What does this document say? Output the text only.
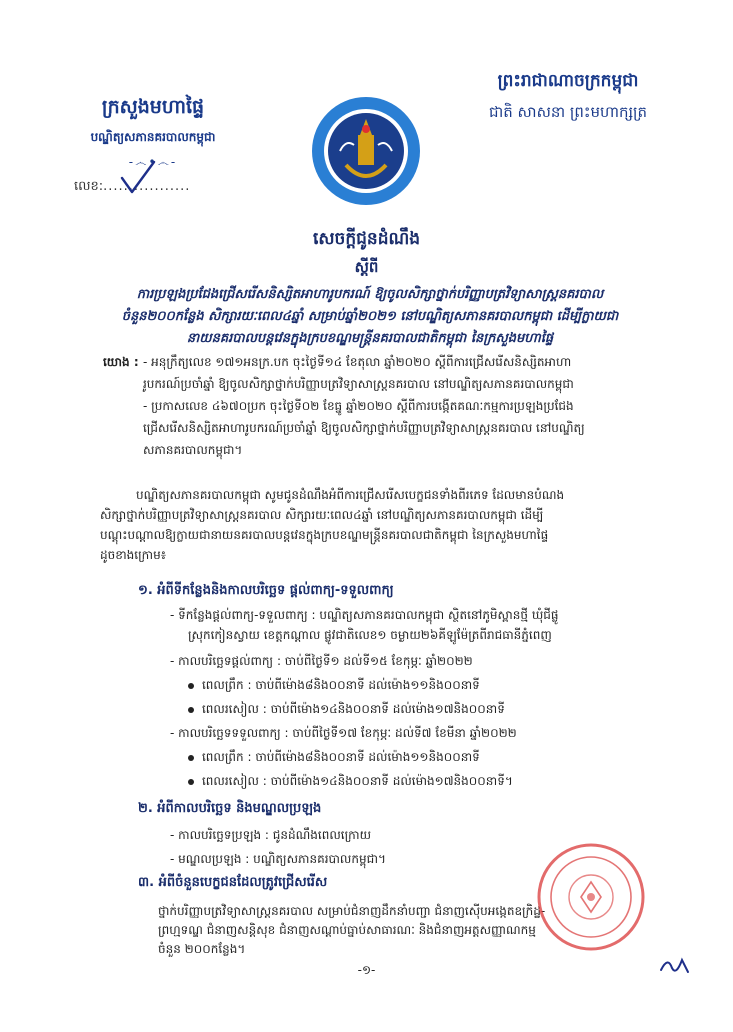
ក្រសួងមហាផ្ទៃ
បណ្ឌិត្យសភានគរបាលកម្ពុជា
-෴•෴-
លេខ:.................
ព្រះរាជាណាចក្រកម្ពុជា
ជាតិ សាសនា ព្រះមហាក្សត្រ
សេចក្តីជូនដំណឹង
ស្តីពី
ការប្រឡងប្រជែងជ្រើសរើសនិស្សិតអាហារូបករណ៍ ឱ្យចូលសិក្សាថ្នាក់បរិញ្ញាបត្រវិទ្យាសាស្ត្រនគរបាល
ចំនួន២០០កន្លែង សិក្សារយៈពេល៤ឆ្នាំ សម្រាប់ឆ្នាំ២០២១ នៅបណ្ឌិត្យសភានគរបាលកម្ពុជា ដើម្បីក្លាយជា
នាយនគរបាលបន្តវេនក្នុងក្របខណ្ឌមន្ត្រីនគរបាលជាតិកម្ពុជា នៃក្រសួងមហាផ្ទៃ
យោង : - អនុក្រឹត្យលេខ ១៧១អនក្រ.បក ចុះថ្ងៃទី១៤ ខែតុលា ឆ្នាំ២០២០ ស្តីពីការជ្រើសរើសនិស្សិតអាហា
រូបករណ៍ប្រចាំឆ្នាំ ឱ្យចូលសិក្សាថ្នាក់បរិញ្ញាបត្រវិទ្យាសាស្ត្រនគរបាល នៅបណ្ឌិត្យសភានគរបាលកម្ពុជា
- ប្រកាសលេខ ៤៦៧០ប្រក ចុះថ្ងៃទី០២ ខែធ្នូ ឆ្នាំ២០២០ ស្តីពីការបង្កើតគណៈកម្មការប្រឡងប្រជែង
ជ្រើសរើសនិស្សិតអាហារូបករណ៍ប្រចាំឆ្នាំ ឱ្យចូលសិក្សាថ្នាក់បរិញ្ញាបត្រវិទ្យាសាស្ត្រនគរបាល នៅបណ្ឌិត្យ
សភានគរបាលកម្ពុជា។
បណ្ឌិត្យសភានគរបាលកម្ពុជា សូមជូនដំណឹងអំពីការជ្រើសរើសបេក្ខជនទាំងពីរភេទ ដែលមានបំណង
សិក្សាថ្នាក់បរិញ្ញាបត្រវិទ្យាសាស្ត្រនគរបាល សិក្សារយៈពេល៤ឆ្នាំ នៅបណ្ឌិត្យសភានគរបាលកម្ពុជា ដើម្បី
បណ្តុះបណ្តាលឱ្យក្លាយជានាយនគរបាលបន្តវេនក្នុងក្របខណ្ឌមន្ត្រីនគរបាលជាតិកម្ពុជា នៃក្រសួងមហាផ្ទៃ
ដូចខាងក្រោម៖
១. អំពីទីកន្លែងនិងកាលបរិច្ឆេទ ផ្តល់ពាក្យ-ទទួលពាក្យ
- ទីកន្លែងផ្តល់ពាក្យ-ទទួលពាក្យ : បណ្ឌិត្យសភានគរបាលកម្ពុជា ស្ថិតនៅភូមិស្ពានថ្មី ឃុំជីផ្លូ
ស្រុកកៀនស្វាយ ខេត្តកណ្តាល ផ្លូវជាតិលេខ១ ចម្ងាយ២៦គីឡូម៉ែត្រពីរាជធានីភ្នំពេញ
- កាលបរិច្ឆេទផ្តល់ពាក្យ : ចាប់ពីថ្ងៃទី១ ដល់ទី១៥ ខែកុម្ភៈ ឆ្នាំ២០២២
ពេលព្រឹក : ចាប់ពីម៉ោង៨និង០០នាទី ដល់ម៉ោង១១និង០០នាទី
ពេលរសៀល : ចាប់ពីម៉ោង១៤និង០០នាទី ដល់ម៉ោង១៧និង០០នាទី
- កាលបរិច្ឆេទទទួលពាក្យ : ចាប់ពីថ្ងៃទី១៧ ខែកុម្ភៈ ដល់ទី៧ ខែមីនា ឆ្នាំ២០២២
ពេលព្រឹក : ចាប់ពីម៉ោង៨និង០០នាទី ដល់ម៉ោង១១និង០០នាទី
ពេលរសៀល : ចាប់ពីម៉ោង១៤និង០០នាទី ដល់ម៉ោង១៧និង០០នាទី។
២. អំពីកាលបរិច្ឆេទ និងមណ្ឌលប្រឡង
- កាលបរិច្ឆេទប្រឡង : ជូនដំណឹងពេលក្រោយ
- មណ្ឌលប្រឡង : បណ្ឌិត្យសភានគរបាលកម្ពុជា។
៣. អំពីចំនួនបេក្ខជនដែលត្រូវជ្រើសរើស
ថ្នាក់បរិញ្ញាបត្រវិទ្យាសាស្ត្រនគរបាល សម្រាប់ជំនាញដឹកនាំបញ្ជា ជំនាញស៊ើបអង្កេតឧក្រិដ្ឋ-
ព្រហ្មទណ្ឌ ជំនាញសន្តិសុខ ជំនាញសណ្តាប់ធ្នាប់សាធារណៈ និងជំនាញអត្តសញ្ញាណកម្ម
ចំនួន ២០០កន្លែង។
-១-
